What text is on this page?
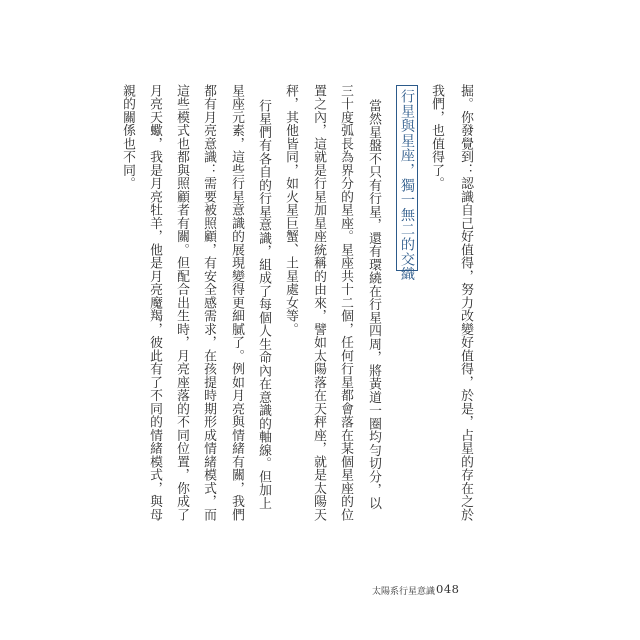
掘。你發覺到：認識自己好值得，努力改變好值得，於是，占星的存在之於
我們，也值得了。
行星與星座，獨一無二的交織
當然星盤不只有行星，還有環繞在行星四周，將黃道一圈均勻切分，以
三十度弧長為界分的星座。星座共十二個，任何行星都會落在某個星座的位
置之內，這就是行星加星座統稱的由來，譬如太陽落在天秤座，就是太陽天
秤，其他皆同，如火星巨蟹、土星處女等。
行星們有各自的行星意識，組成了每個人生命內在意識的軸線。但加上
星座元素，這些行星意識的展現變得更細膩了。例如月亮與情緒有關，我們
都有月亮意識：需要被照顧，有安全感需求，在孩提時期形成情緒模式，而
這些模式也都與照顧者有關。但配合出生時，月亮座落的不同位置，你成了
月亮天蠍，我是月亮牡羊，他是月亮魔羯，彼此有了不同的情緒模式，與母
親的關係也不同。
太陽系行星意識 048
